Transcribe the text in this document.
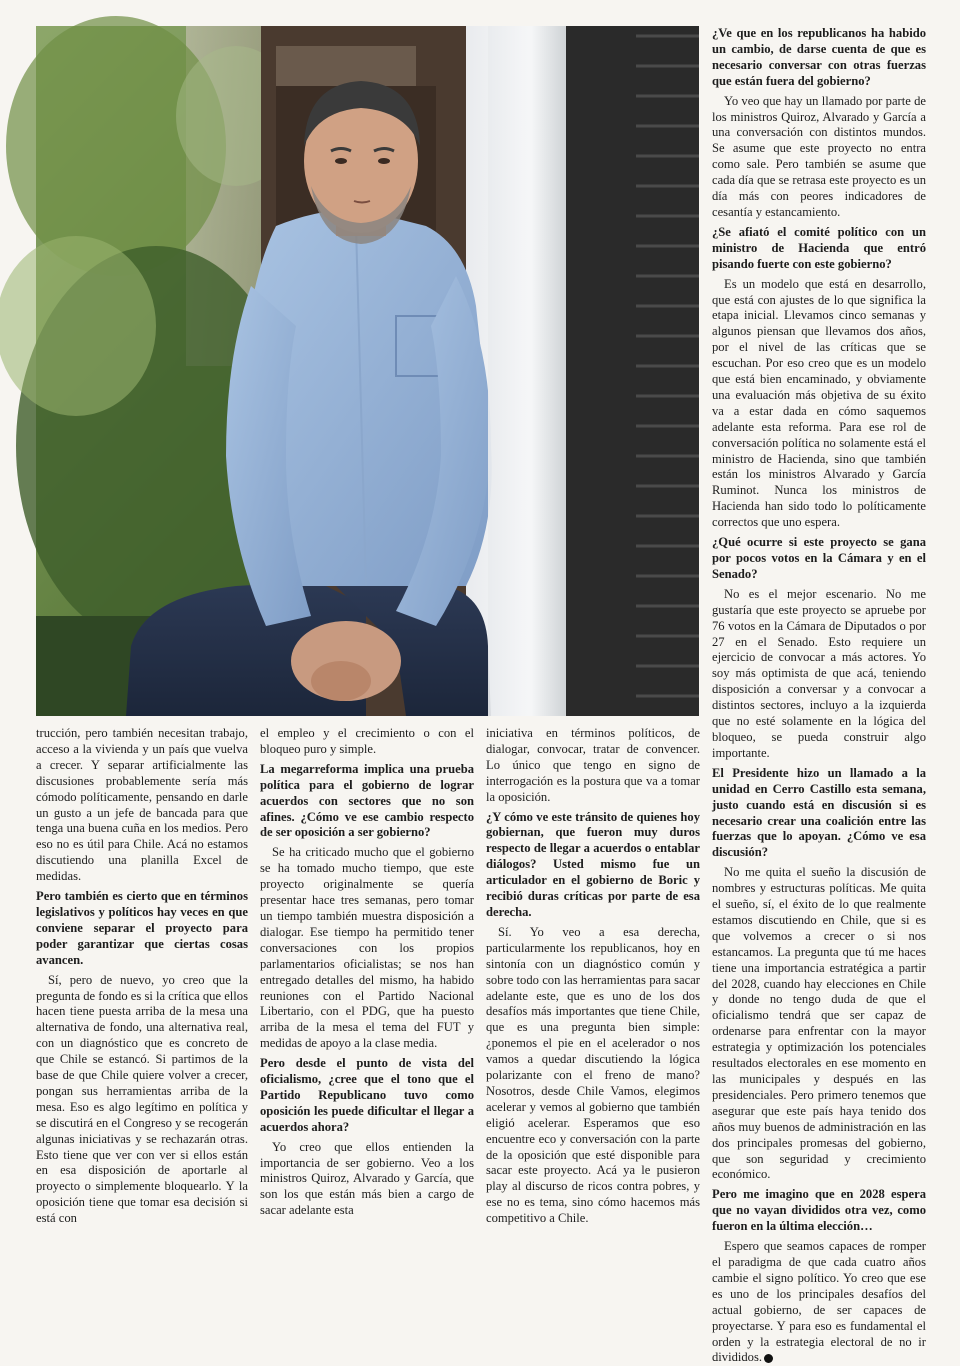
¿Ve que en los republicanos ha habido un cambio, de darse cuenta de que es necesario conversar con otras fuerzas que están fuera del gobierno?

Yo veo que hay un llamado por parte de los ministros Quiroz, Alvarado y García a una conversación con distintos mundos. Se asume que este proyecto no entra como sale. Pero también se asume que cada día que se retrasa este proyecto es un día más con peores indicadores de cesantía y estancamiento.

¿Se afiató el comité político con un ministro de Hacienda que entró pisando fuerte con este gobierno?

Es un modelo que está en desarrollo, que está con ajustes de lo que significa la etapa inicial. Llevamos cinco semanas y algunos piensan que llevamos dos años, por el nivel de las críticas que se escuchan. Por eso creo que es un modelo que está bien encaminado, y obviamente una evaluación más objetiva de su éxito va a estar dada en cómo saquemos adelante esta reforma. Para ese rol de conversación política no solamente está el ministro de Hacienda, sino que también están los ministros Alvarado y García Ruminot. Nunca los ministros de Hacienda han sido todo lo políticamente correctos que uno espera.

¿Qué ocurre si este proyecto se gana por pocos votos en la Cámara y en el Senado?

No es el mejor escenario. No me gustaría que este proyecto se apruebe por 76 votos en la Cámara de Diputados o por 27 en el Senado. Esto requiere un ejercicio de convocar a más actores. Yo soy más optimista de que acá, teniendo disposición a conversar y a convocar a distintos sectores, incluyo a la izquierda que no esté solamente en la lógica del bloqueo, se pueda construir algo importante.

El Presidente hizo un llamado a la unidad en Cerro Castillo esta semana, justo cuando está en discusión si es necesario crear una coalición entre las fuerzas que lo apoyan. ¿Cómo ve esa discusión?

No me quita el sueño la discusión de nombres y estructuras políticas. Me quita el sueño, sí, el éxito de lo que realmente estamos discutiendo en Chile, que si es que volvemos a crecer o si nos estancamos. La pregunta que tú me haces tiene una importancia estratégica a partir del 2028, cuando hay elecciones en Chile y donde no tengo duda de que el oficialismo tendrá que ser capaz de ordenarse para enfrentar con la mayor estrategia y optimización los potenciales resultados electorales en ese momento en las municipales y después en las presidenciales. Pero primero tenemos que asegurar que este país haya tenido dos años muy buenos de administración en las dos principales promesas del gobierno, que son seguridad y crecimiento económico.

Pero me imagino que en 2028 espera que no vayan divididos otra vez, como fueron en la última elección…

Espero que seamos capaces de romper el paradigma de que cada cuatro años cambie el signo político. Yo creo que ese es uno de los principales desafíos del actual gobierno, de ser capaces de proyectarse. Y para eso es fundamental el orden y la estrategia electoral de no ir divididos.

trucción, pero también necesitan trabajo, acceso a la vivienda y un país que vuelva a crecer. Y separar artificialmente las discusiones probablemente sería más cómodo políticamente, pensando en darle un gusto a un jefe de bancada para que tenga una buena cuña en los medios. Pero eso no es útil para Chile. Acá no estamos discutiendo una planilla Excel de medidas.

Pero también es cierto que en términos legislativos y políticos hay veces en que conviene separar el proyecto para poder garantizar que ciertas cosas avancen.

Sí, pero de nuevo, yo creo que la pregunta de fondo es si la crítica que ellos hacen tiene puesta arriba de la mesa una alternativa de fondo, una alternativa real, con un diagnóstico que es concreto de que Chile se estancó. Si partimos de la base de que Chile quiere volver a crecer, pongan sus herramientas arriba de la mesa. Eso es algo legítimo en política y se discutirá en el Congreso y se recogerán algunas iniciativas y se rechazarán otras. Esto tiene que ver con ver si ellos están en esa disposición de aportarle al proyecto o simplemente bloquearlo. Y la oposición tiene que tomar esa decisión si está con

el empleo y el crecimiento o con el bloqueo puro y simple.

La megarreforma implica una prueba política para el gobierno de lograr acuerdos con sectores que no son afines. ¿Cómo ve ese cambio respecto de ser oposición a ser gobierno?

Se ha criticado mucho que el gobierno se ha tomado mucho tiempo, que este proyecto originalmente se quería presentar hace tres semanas, pero tomar un tiempo también muestra disposición a dialogar. Ese tiempo ha permitido tener conversaciones con los propios parlamentarios oficialistas; se nos han entregado detalles del mismo, ha habido reuniones con el Partido Nacional Libertario, con el PDG, que ha puesto arriba de la mesa el tema del FUT y medidas de apoyo a la clase media.

Pero desde el punto de vista del oficialismo, ¿cree que el tono que el Partido Republicano tuvo como oposición les puede dificultar el llegar a acuerdos ahora?

Yo creo que ellos entienden la importancia de ser gobierno. Veo a los ministros Quiroz, Alvarado y García, que son los que están más bien a cargo de sacar adelante esta

iniciativa en términos políticos, de dialogar, convocar, tratar de convencer. Lo único que tengo en signo de interrogación es la postura que va a tomar la oposición.

¿Y cómo ve este tránsito de quienes hoy gobiernan, que fueron muy duros respecto de llegar a acuerdos o entablar diálogos? Usted mismo fue un articulador en el gobierno de Boric y recibió duras críticas por parte de esa derecha.

Sí. Yo veo a esa derecha, particularmente los republicanos, hoy en sintonía con un diagnóstico común y sobre todo con las herramientas para sacar adelante este, que es uno de los dos desafíos más importantes que tiene Chile, que es una pregunta bien simple: ¿ponemos el pie en el acelerador o nos vamos a quedar discutiendo la lógica polarizante con el freno de mano? Nosotros, desde Chile Vamos, elegimos acelerar y vemos al gobierno que también eligió acelerar. Esperamos que eso encuentre eco y conversación con la parte de la oposición que esté disponible para sacar este proyecto. Acá ya le pusieron play al discurso de ricos contra pobres, y ese no es tema, sino cómo hacemos más competitivo a Chile.
